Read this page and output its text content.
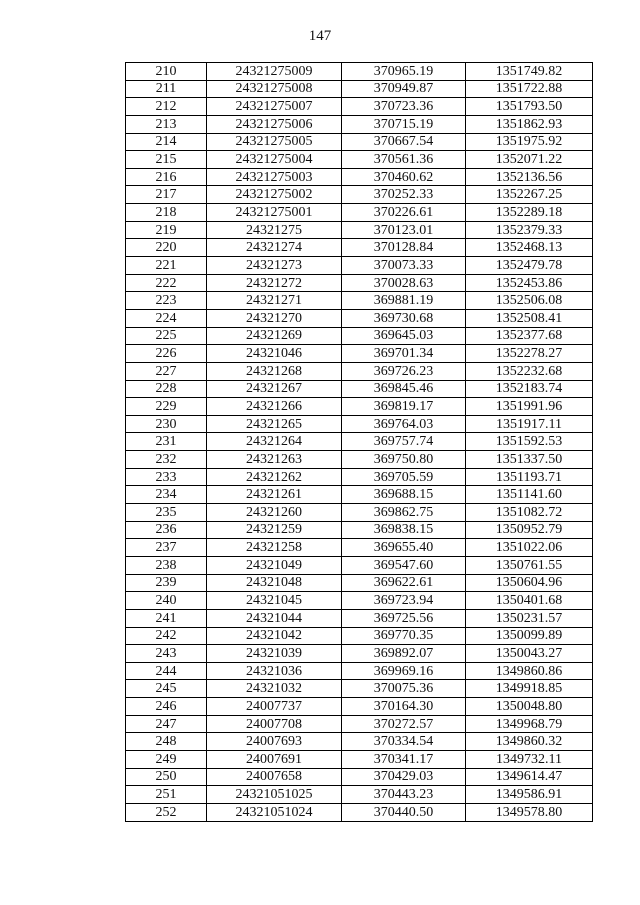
147
210	24321275009	370965.19	1351749.82
211	24321275008	370949.87	1351722.88
212	24321275007	370723.36	1351793.50
213	24321275006	370715.19	1351862.93
214	24321275005	370667.54	1351975.92
215	24321275004	370561.36	1352071.22
216	24321275003	370460.62	1352136.56
217	24321275002	370252.33	1352267.25
218	24321275001	370226.61	1352289.18
219	24321275	370123.01	1352379.33
220	24321274	370128.84	1352468.13
221	24321273	370073.33	1352479.78
222	24321272	370028.63	1352453.86
223	24321271	369881.19	1352506.08
224	24321270	369730.68	1352508.41
225	24321269	369645.03	1352377.68
226	24321046	369701.34	1352278.27
227	24321268	369726.23	1352232.68
228	24321267	369845.46	1352183.74
229	24321266	369819.17	1351991.96
230	24321265	369764.03	1351917.11
231	24321264	369757.74	1351592.53
232	24321263	369750.80	1351337.50
233	24321262	369705.59	1351193.71
234	24321261	369688.15	1351141.60
235	24321260	369862.75	1351082.72
236	24321259	369838.15	1350952.79
237	24321258	369655.40	1351022.06
238	24321049	369547.60	1350761.55
239	24321048	369622.61	1350604.96
240	24321045	369723.94	1350401.68
241	24321044	369725.56	1350231.57
242	24321042	369770.35	1350099.89
243	24321039	369892.07	1350043.27
244	24321036	369969.16	1349860.86
245	24321032	370075.36	1349918.85
246	24007737	370164.30	1350048.80
247	24007708	370272.57	1349968.79
248	24007693	370334.54	1349860.32
249	24007691	370341.17	1349732.11
250	24007658	370429.03	1349614.47
251	24321051025	370443.23	1349586.91
252	24321051024	370440.50	1349578.80
